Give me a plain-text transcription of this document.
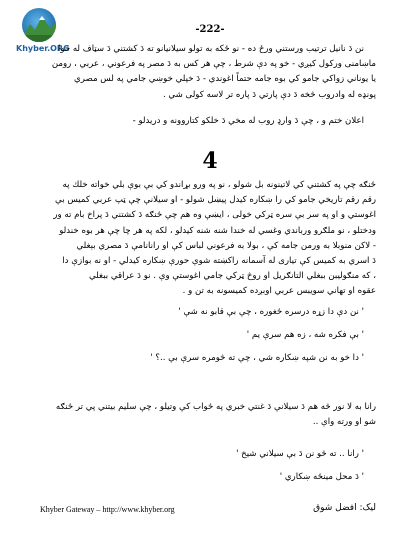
Khyber.ORG
-222-
نن دَ نانيل ترتيب ورستني ورځ ده - نو ځکه به تولو سيلانيانو ته دَ کشتني دَ سټاف له خوا
ماښامنى وركول كيږي - خو په دې شرط ، چې هر كس به دَ مصر په فرعوني ، عربي ، رومن
يا يوناني زواكي جامو كي بوه جامه حتماً اغوندي - دَ خپلي خوښي جامي په لس مصري
پونډه له وادروب څخه دَ دې پارتي دَ پاره تر لاسه كولى شي .
اعلان ختم و ، چې دَ وارډ روب له مخي دَ خلكو كتاروونه و دريدلو -
4
ځنګه چې په كشتني كي لاتينونه بل شولو ، نو په ورو بړاندو كي بې بوې بلي خواته خلك په
رقم رقم تاريخي جامو كي را ښكاره كيدل پيښل شولو - او سيلانې چې ټپ عربي كميس بې
اغوستي و او په سر بې سره ټركي خولى ، ايښې وه هم چې ځنګه دَ كشتني دَ پراخ بام ته ور
ودختلو ، نو ملګرو ورباندي وغسي له خندا شنه شنه كيدلو ، لكه په هر چا چې هر بوه خندلو
- لاكن منوبلا به ورمن جامه كې ، بولا به فرعوني لباس كې او رانانامې دَ مصري بېغلي
دَ اسري به كميس كې تيارى له آسمانه راكښته شوې حورې ښكاره كيدلي - او نه بوازې دا
، كه منګوليبن ببغلي التانګريل او روڅ ټركي جامي اغوستې وې . نو دَ عراقي ببغلي
عقوه او تهاني سويبس عربي اوبږده كميسونه به تن و .
' نن دې دا زړه درسره ځغوره ، چې بې قابو نه شې '
' بې فكره شه ، زه هم سرې يم '
' دا خو به نن شپه ښكاره شي ، چې ته څومره سرې بې ..؟ '
رانا به لا نور څه هم دَ سيلانې دَ غنتي خبري په ځواب كې وتيلو ، چې سليم بيتني پي تر ځنګه
شو او ورته واې ..
' رانا .. ته څو نن دَ بې سيلاني شيخ '
' دَ محل مينځه ښكاري '
Khyber Gateway – http://www.khyber.org	ليک: افضل شوق
